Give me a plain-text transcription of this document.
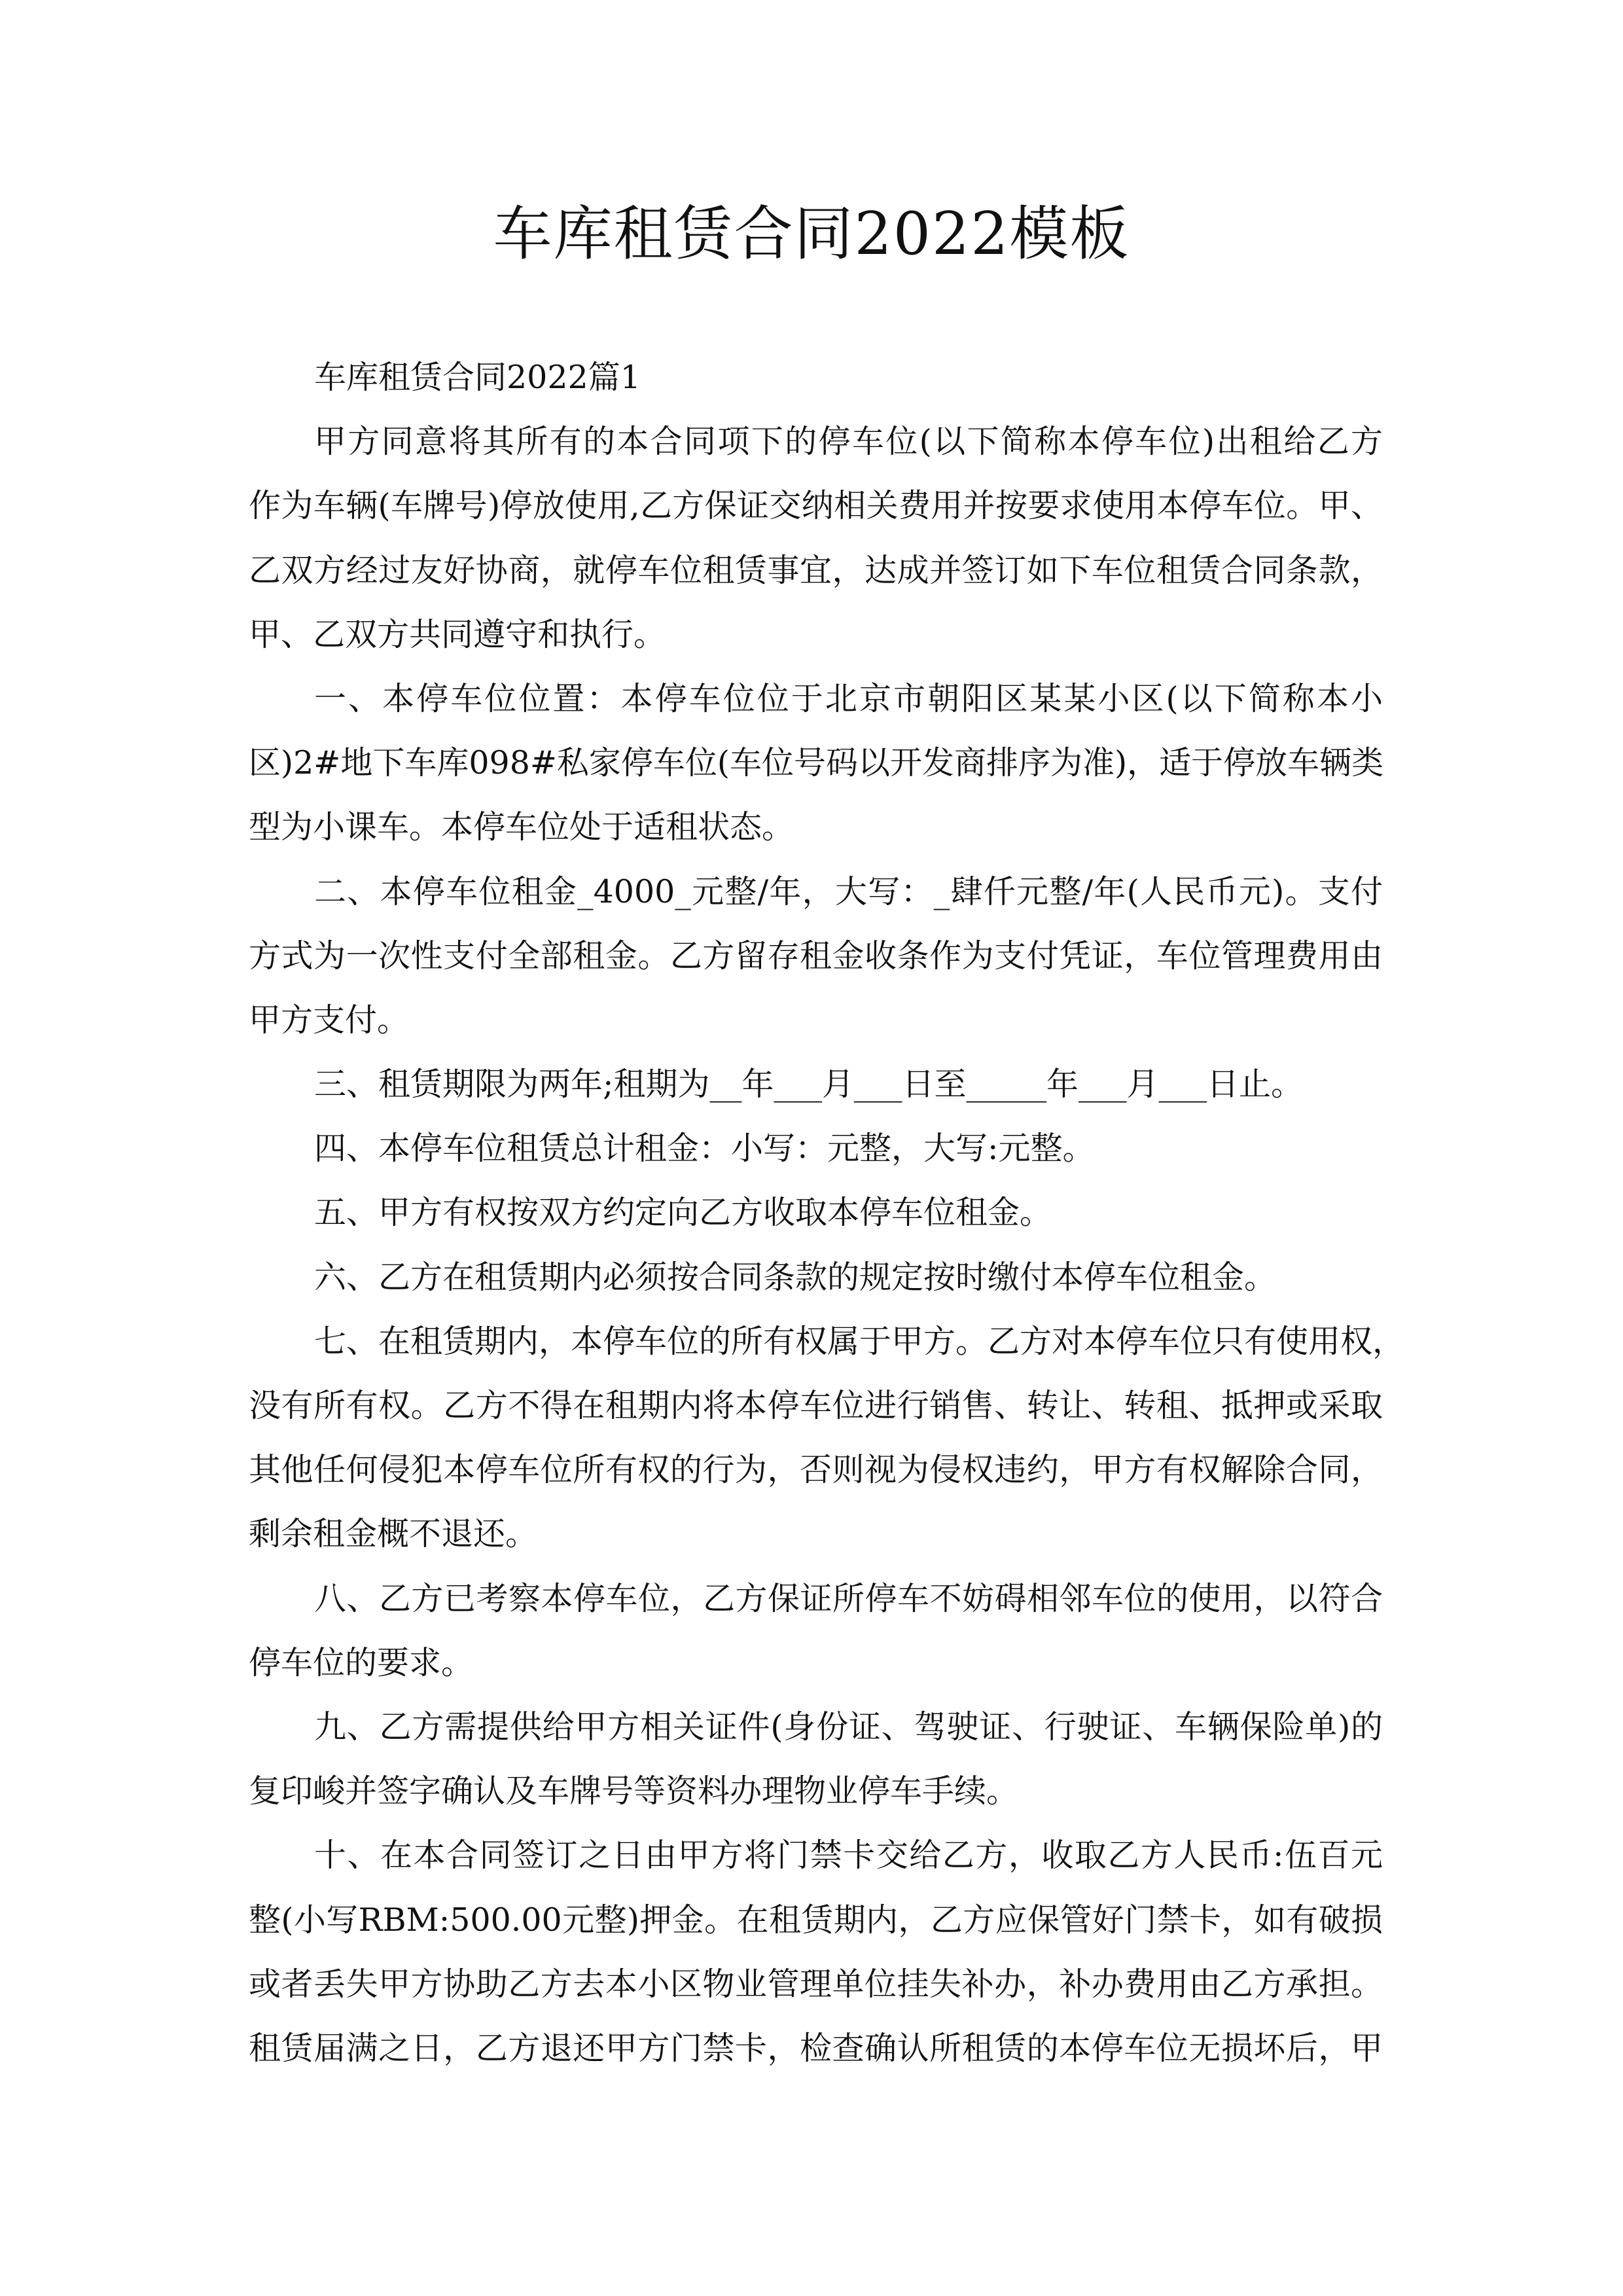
车库租赁合同2022模板
车库租赁合同2022篇1
甲方同意将其所有的本合同项下的停车位(以下简称本停车位)出租给乙方
作为车辆(车牌号)停放使用,乙方保证交纳相关费用并按要求使用本停车位。甲、
乙双方经过友好协商，就停车位租赁事宜，达成并签订如下车位租赁合同条款，
甲、乙双方共同遵守和执行。
一、本停车位位置：本停车位位于北京市朝阳区某某小区(以下简称本小
区)2#地下车库098#私家停车位(车位号码以开发商排序为准)，适于停放车辆类
型为小课车。本停车位处于适租状态。
二、本停车位租金_4000_元整/年，大写：_肆仟元整/年(人民币元)。支付
方式为一次性支付全部租金。乙方留存租金收条作为支付凭证，车位管理费用由
甲方支付。
三、租赁期限为两年;租期为__年___月___日至_____年___月___日止。
四、本停车位租赁总计租金：小写：元整，大写:元整。
五、甲方有权按双方约定向乙方收取本停车位租金。
六、乙方在租赁期内必须按合同条款的规定按时缴付本停车位租金。
七、在租赁期内，本停车位的所有权属于甲方。乙方对本停车位只有使用权，
没有所有权。乙方不得在租期内将本停车位进行销售、转让、转租、抵押或采取
其他任何侵犯本停车位所有权的行为，否则视为侵权违约，甲方有权解除合同，
剩余租金概不退还。
八、乙方已考察本停车位，乙方保证所停车不妨碍相邻车位的使用，以符合
停车位的要求。
九、乙方需提供给甲方相关证件(身份证、驾驶证、行驶证、车辆保险单)的
复印峻并签字确认及车牌号等资料办理物业停车手续。
十、在本合同签订之日由甲方将门禁卡交给乙方，收取乙方人民币:伍百元
整(小写RBM:500.00元整)押金。在租赁期内，乙方应保管好门禁卡，如有破损
或者丢失甲方协助乙方去本小区物业管理单位挂失补办，补办费用由乙方承担。
租赁届满之日，乙方退还甲方门禁卡，检查确认所租赁的本停车位无损坏后，甲
